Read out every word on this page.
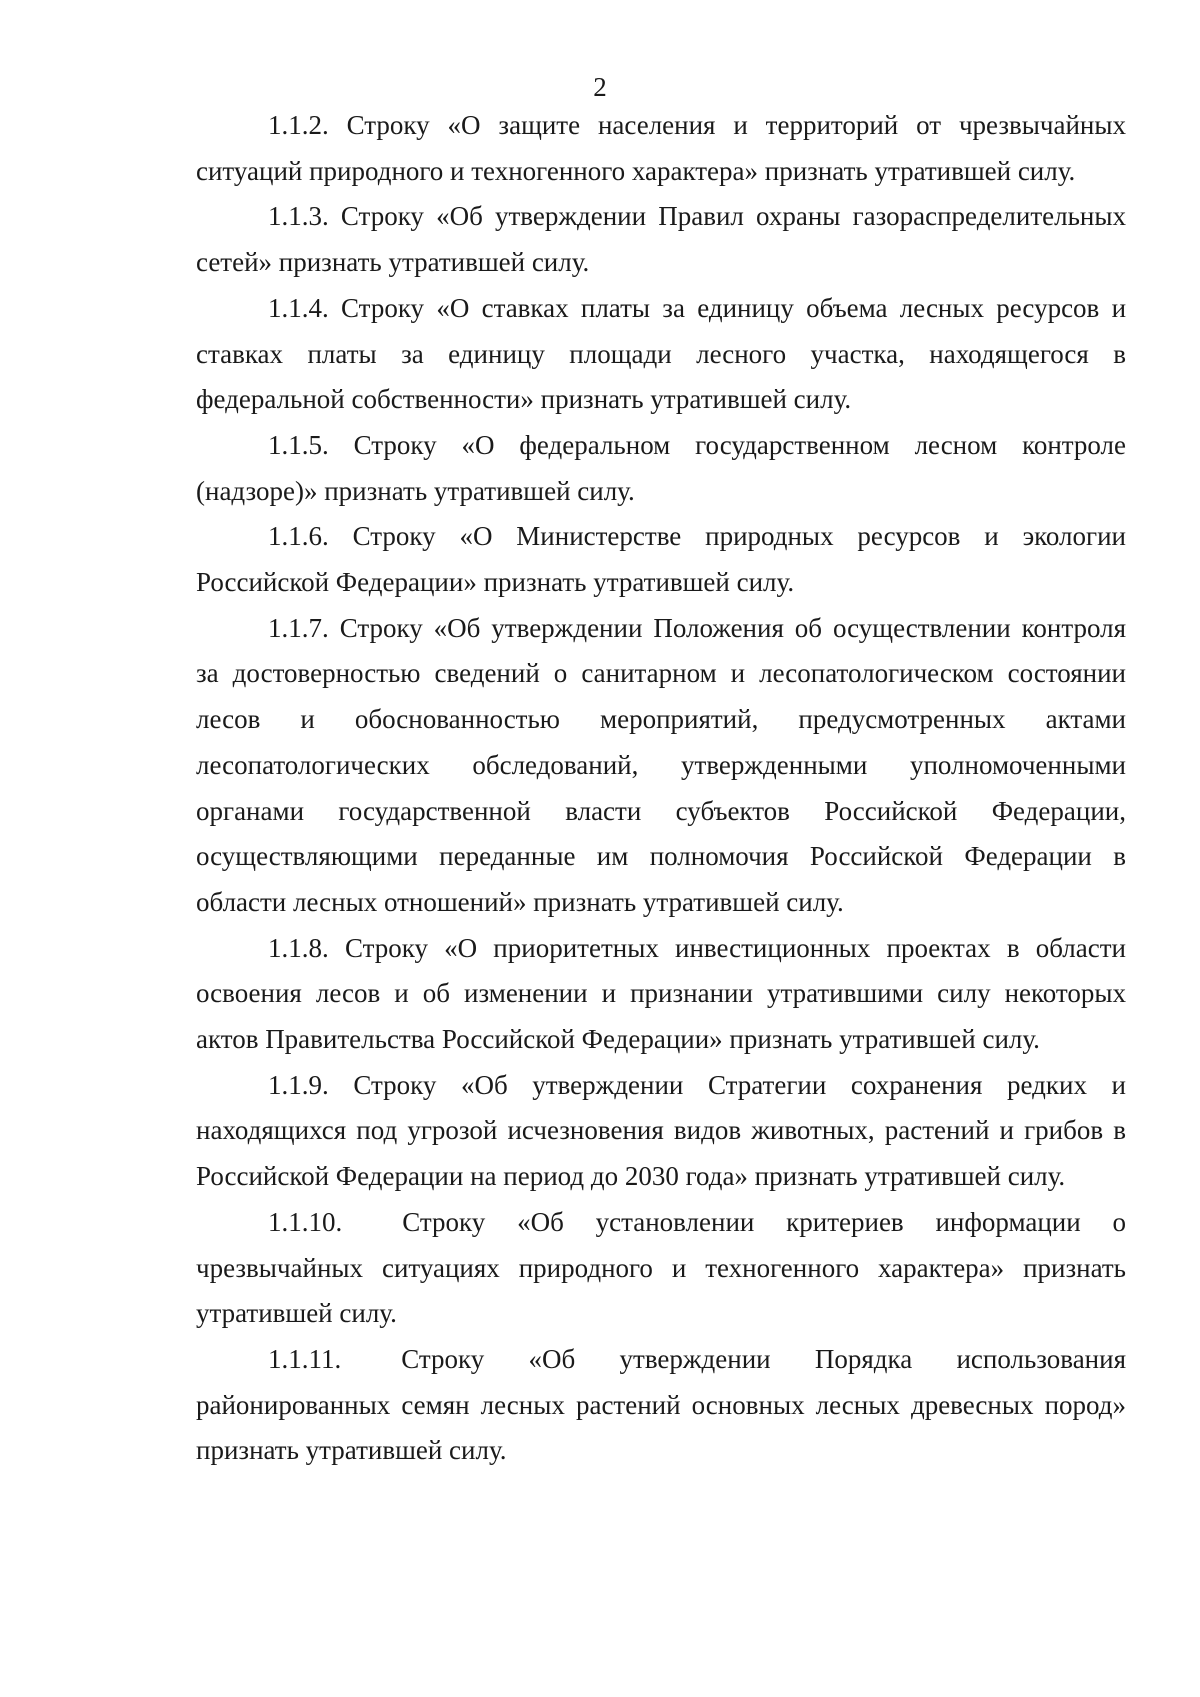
2

1.1.2. Строку «О защите населения и территорий от чрезвычайных ситуаций природного и техногенного характера» признать утратившей силу.

1.1.3. Строку «Об утверждении Правил охраны газораспределительных сетей» признать утратившей силу.

1.1.4. Строку «О ставках платы за единицу объема лесных ресурсов и ставках платы за единицу площади лесного участка, находящегося в федеральной собственности» признать утратившей силу.

1.1.5. Строку «О федеральном государственном лесном контроле (надзоре)» признать утратившей силу.

1.1.6. Строку «О Министерстве природных ресурсов и экологии Российской Федерации» признать утратившей силу.

1.1.7. Строку «Об утверждении Положения об осуществлении контроля за достоверностью сведений о санитарном и лесопатологическом состоянии лесов и обоснованностью мероприятий, предусмотренных актами лесопатологических обследований, утвержденными уполномоченными органами государственной власти субъектов Российской Федерации, осуществляющими переданные им полномочия Российской Федерации в области лесных отношений» признать утратившей силу.

1.1.8. Строку «О приоритетных инвестиционных проектах в области освоения лесов и об изменении и признании утратившими силу некоторых актов Правительства Российской Федерации» признать утратившей силу.

1.1.9. Строку «Об утверждении Стратегии сохранения редких и находящихся под угрозой исчезновения видов животных, растений и грибов в Российской Федерации на период до 2030 года» признать утратившей силу.

1.1.10. Строку «Об установлении критериев информации о чрезвычайных ситуациях природного и техногенного характера» признать утратившей силу.

1.1.11. Строку «Об утверждении Порядка использования районированных семян лесных растений основных лесных древесных пород» признать утратившей силу.
